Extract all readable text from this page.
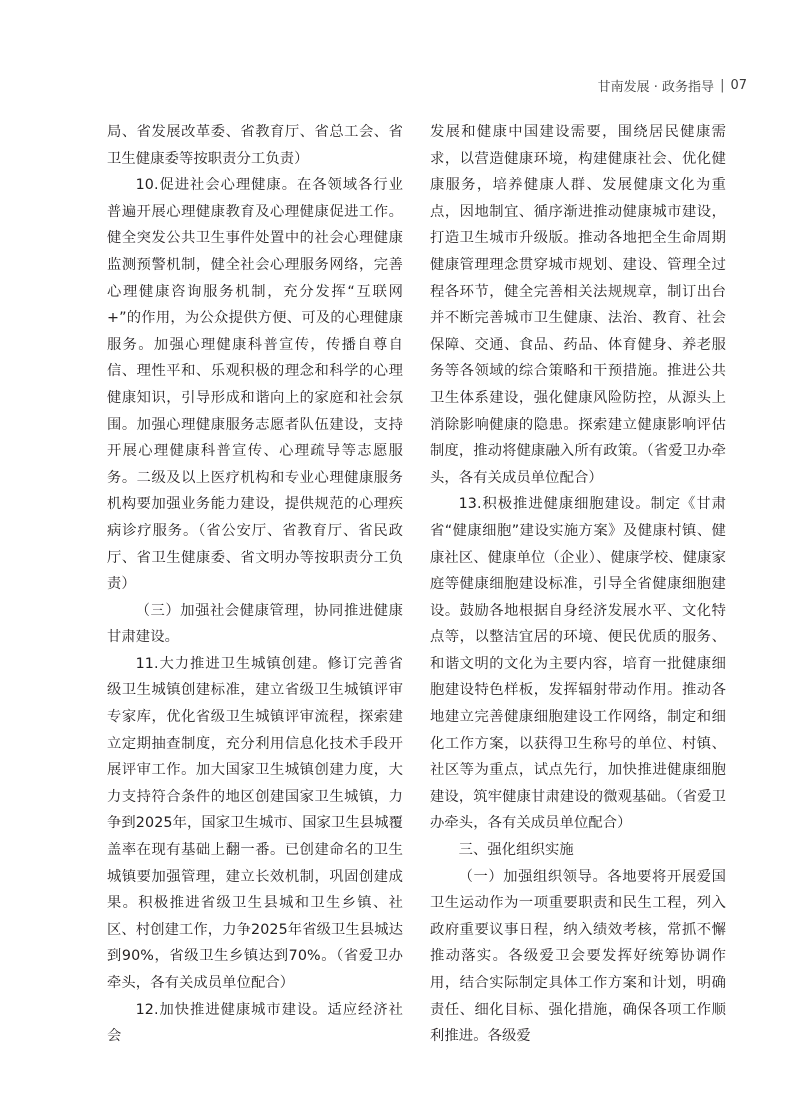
甘南发展 · 政务指导 | 07

局、省发展改革委、省教育厅、省总工会、省卫生健康委等按职责分工负责）

10.促进社会心理健康。在各领域各行业普遍开展心理健康教育及心理健康促进工作。健全突发公共卫生事件处置中的社会心理健康监测预警机制，健全社会心理服务网络，完善心理健康咨询服务机制，充分发挥“互联网+”的作用，为公众提供方便、可及的心理健康服务。加强心理健康科普宣传，传播自尊自信、理性平和、乐观积极的理念和科学的心理健康知识，引导形成和谐向上的家庭和社会氛围。加强心理健康服务志愿者队伍建设，支持开展心理健康科普宣传、心理疏导等志愿服务。二级及以上医疗机构和专业心理健康服务机构要加强业务能力建设，提供规范的心理疾病诊疗服务。（省公安厅、省教育厅、省民政厅、省卫生健康委、省文明办等按职责分工负责）

（三）加强社会健康管理，协同推进健康甘肃建设。

11.大力推进卫生城镇创建。修订完善省级卫生城镇创建标准，建立省级卫生城镇评审专家库，优化省级卫生城镇评审流程，探索建立定期抽查制度，充分利用信息化技术手段开展评审工作。加大国家卫生城镇创建力度，大力支持符合条件的地区创建国家卫生城镇，力争到2025年，国家卫生城市、国家卫生县城覆盖率在现有基础上翻一番。已创建命名的卫生城镇要加强管理，建立长效机制，巩固创建成果。积极推进省级卫生县城和卫生乡镇、社区、村创建工作，力争2025年省级卫生县城达到90%，省级卫生乡镇达到70%。（省爱卫办牵头，各有关成员单位配合）

12.加快推进健康城市建设。适应经济社会

发展和健康中国建设需要，围绕居民健康需求，以营造健康环境，构建健康社会、优化健康服务，培养健康人群、发展健康文化为重点，因地制宜、循序渐进推动健康城市建设，打造卫生城市升级版。推动各地把全生命周期健康管理理念贯穿城市规划、建设、管理全过程各环节，健全完善相关法规规章，制订出台并不断完善城市卫生健康、法治、教育、社会保障、交通、食品、药品、体育健身、养老服务等各领域的综合策略和干预措施。推进公共卫生体系建设，强化健康风险防控，从源头上消除影响健康的隐患。探索建立健康影响评估制度，推动将健康融入所有政策。（省爱卫办牵头，各有关成员单位配合）

13.积极推进健康细胞建设。制定《甘肃省“健康细胞”建设实施方案》及健康村镇、健康社区、健康单位（企业）、健康学校、健康家庭等健康细胞建设标准，引导全省健康细胞建设。鼓励各地根据自身经济发展水平、文化特点等，以整洁宜居的环境、便民优质的服务、和谐文明的文化为主要内容，培育一批健康细胞建设特色样板，发挥辐射带动作用。推动各地建立完善健康细胞建设工作网络，制定和细化工作方案，以获得卫生称号的单位、村镇、社区等为重点，试点先行，加快推进健康细胞建设，筑牢健康甘肃建设的微观基础。（省爱卫办牵头，各有关成员单位配合）

三、强化组织实施

（一）加强组织领导。各地要将开展爱国卫生运动作为一项重要职责和民生工程，列入政府重要议事日程，纳入绩效考核，常抓不懈推动落实。各级爱卫会要发挥好统筹协调作用，结合实际制定具体工作方案和计划，明确责任、细化目标、强化措施，确保各项工作顺利推进。各级爱
